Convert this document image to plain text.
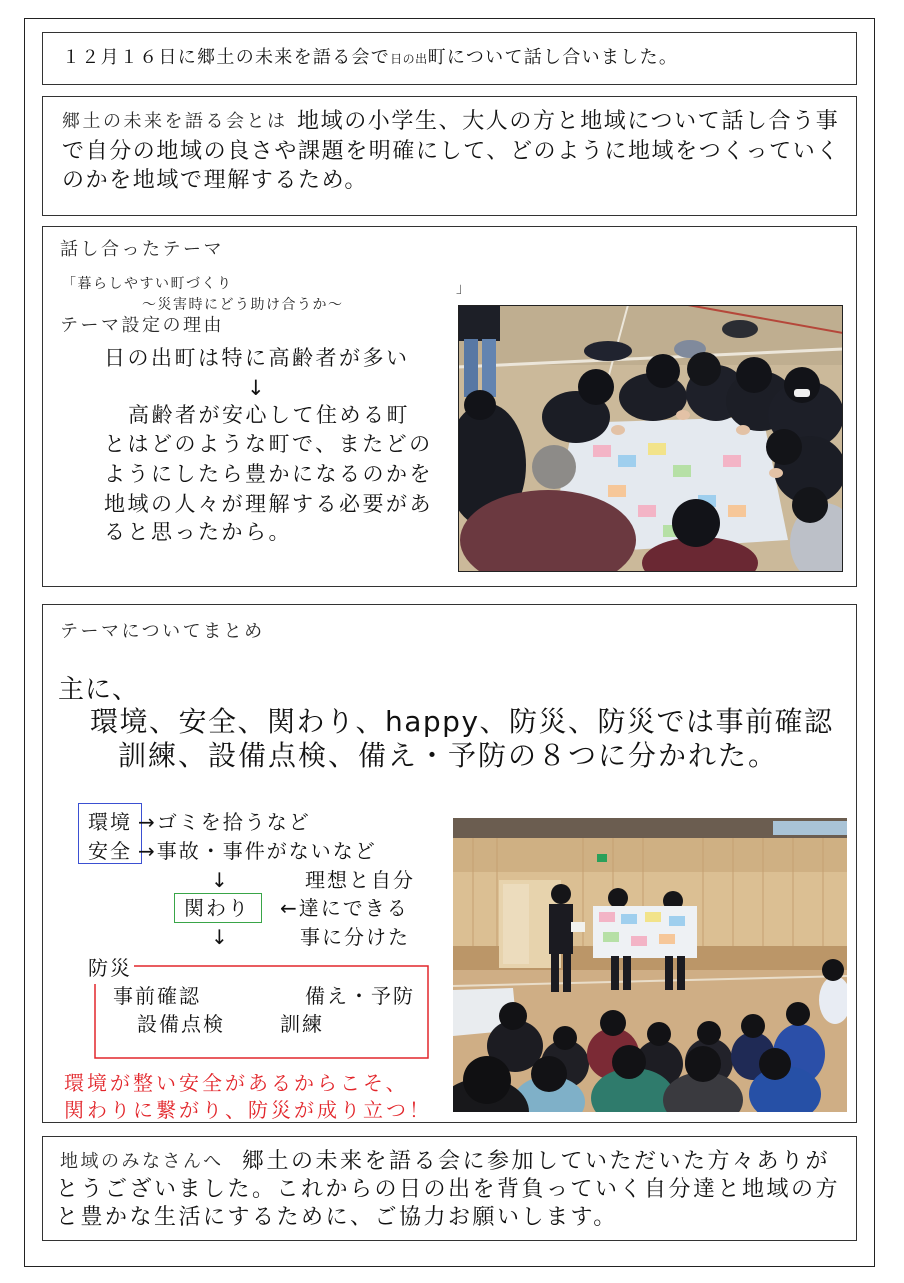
１２月１６日に郷土の未来を語る会で日の出町について話し合いました。
郷土の未来を語る会とは 地域の小学生、大人の方と地域について話し合う事
で自分の地域の良さや課題を明確にして、どのように地域をつくっていく
のかを地域で理解するため。
話し合ったテーマ
「暮らしやすい町づくり
～災害時にどう助け合うか～
」
テーマ設定の理由
日の出町は特に高齢者が多い
↓
高齢者が安心して住める町
とはどのような町で、またどの
ようにしたら豊かになるのかを
地域の人々が理解する必要があ
ると思ったから。
テーマについてまとめ
主に、
環境、安全、関わり、happy、防災、防災では事前確認
訓練、設備点検、備え・予防の８つに分かれた。
環境 →ゴミを拾うなど
安全 →事故・事件がないなど
↓	理想と自分
関わり ←達にできる
↓	事に分けた
防災
事前確認	備え・予防
設備点検	訓練
環境が整い安全があるからこそ、
関わりに繋がり、防災が成り立つ！
地域のみなさんへ 郷土の未来を語る会に参加していただいた方々ありが
とうございました。これからの日の出を背負っていく自分達と地域の方
と豊かな生活にするために、ご協力お願いします。
